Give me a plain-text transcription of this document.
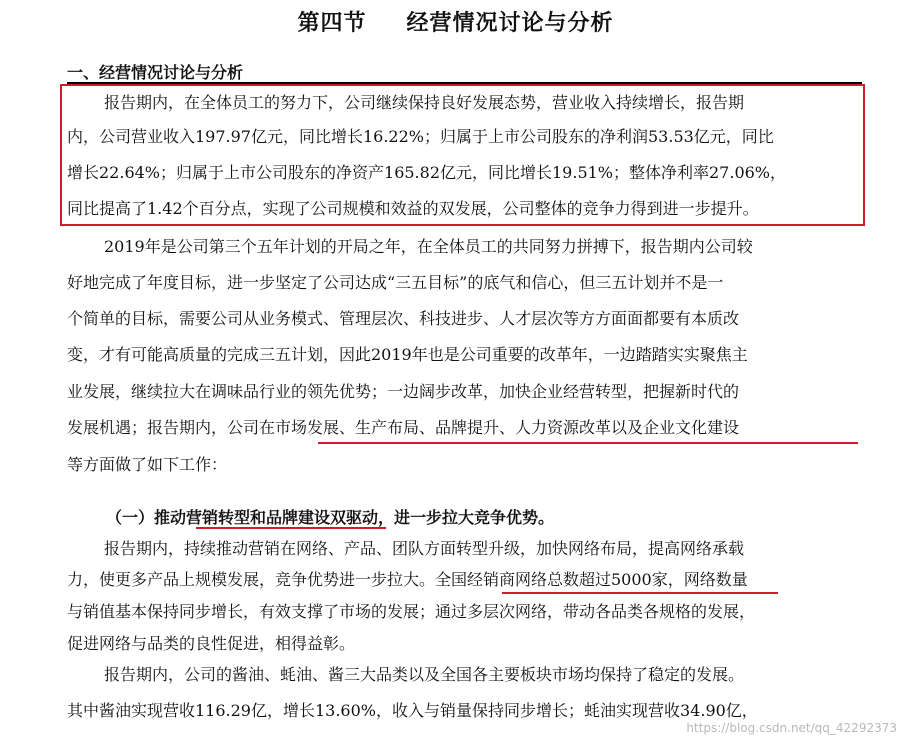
第四节 经营情况讨论与分析
一、经营情况讨论与分析
报告期内，在全体员工的努力下，公司继续保持良好发展态势，营业收入持续增长，报告期
内，公司营业收入197.97亿元，同比增长16.22%；归属于上市公司股东的净利润53.53亿元，同比
增长22.64%；归属于上市公司股东的净资产165.82亿元，同比增长19.51%；整体净利率27.06%，
同比提高了1.42个百分点，实现了公司规模和效益的双发展，公司整体的竞争力得到进一步提升。
2019年是公司第三个五年计划的开局之年，在全体员工的共同努力拼搏下，报告期内公司较
好地完成了年度目标，进一步坚定了公司达成“三五目标”的底气和信心，但三五计划并不是一
个简单的目标，需要公司从业务模式、管理层次、科技进步、人才层次等方方面面都要有本质改
变，才有可能高质量的完成三五计划，因此2019年也是公司重要的改革年，一边踏踏实实聚焦主
业发展，继续拉大在调味品行业的领先优势；一边阔步改革，加快企业经营转型，把握新时代的
发展机遇；报告期内，公司在市场发展、生产布局、品牌提升、人力资源改革以及企业文化建设
等方面做了如下工作：
（一）推动营销转型和品牌建设双驱动，进一步拉大竞争优势。
报告期内，持续推动营销在网络、产品、团队方面转型升级，加快网络布局，提高网络承载
力，使更多产品上规模发展，竞争优势进一步拉大。全国经销商网络总数超过5000家，网络数量
与销值基本保持同步增长，有效支撑了市场的发展；通过多层次网络，带动各品类各规格的发展，
促进网络与品类的良性促进，相得益彰。
报告期内，公司的酱油、蚝油、酱三大品类以及全国各主要板块市场均保持了稳定的发展。
其中酱油实现营收116.29亿，增长13.60%，收入与销量保持同步增长；蚝油实现营收34.90亿，
https://blog.csdn.net/qq_42292373
